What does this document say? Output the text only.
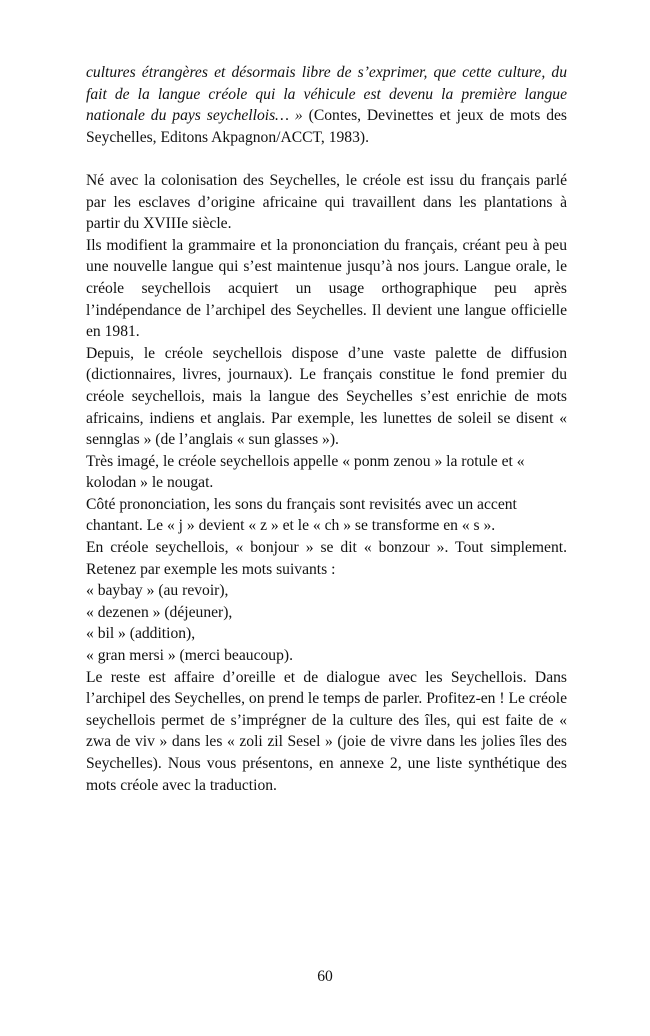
cultures étrangères et désormais libre de s’exprimer, que cette culture, du fait de la langue créole qui la véhicule est devenu la première langue nationale du pays seychellois… » (Contes, Devinettes et jeux de mots des Seychelles, Editons Akpagnon/ACCT, 1983).

Né avec la colonisation des Seychelles, le créole est issu du français parlé par les esclaves d’origine africaine qui travaillent dans les plantations à partir du XVIIIe siècle.

Ils modifient la grammaire et la prononciation du français, créant peu à peu une nouvelle langue qui s’est maintenue jusqu’à nos jours. Langue orale, le créole seychellois acquiert un usage orthographique peu après l’indépendance de l’archipel des Seychelles. Il devient une langue officielle en 1981.

Depuis, le créole seychellois dispose d’une vaste palette de diffusion (dictionnaires, livres, journaux). Le français constitue le fond premier du créole seychellois, mais la langue des Seychelles s’est enrichie de mots africains, indiens et anglais. Par exemple, les lunettes de soleil se disent « sennglas » (de l’anglais « sun glasses »).

Très imagé, le créole seychellois appelle « ponm zenou » la rotule et « kolodan » le nougat.

Côté prononciation, les sons du français sont revisités avec un accent chantant. Le « j » devient « z » et le « ch » se transforme en « s ».

En créole seychellois, « bonjour » se dit « bonzour ». Tout simplement. Retenez par exemple les mots suivants :

« baybay » (au revoir),

« dezenen » (déjeuner),

« bil » (addition),

« gran mersi » (merci beaucoup).

Le reste est affaire d’oreille et de dialogue avec les Seychellois. Dans l’archipel des Seychelles, on prend le temps de parler. Profitez-en ! Le créole seychellois permet de s’imprégner de la culture des îles, qui est faite de « zwa de viv » dans les « zoli zil Sesel » (joie de vivre dans les jolies îles des Seychelles). Nous vous présentons, en annexe 2, une liste synthétique des mots créole avec la traduction.

60
